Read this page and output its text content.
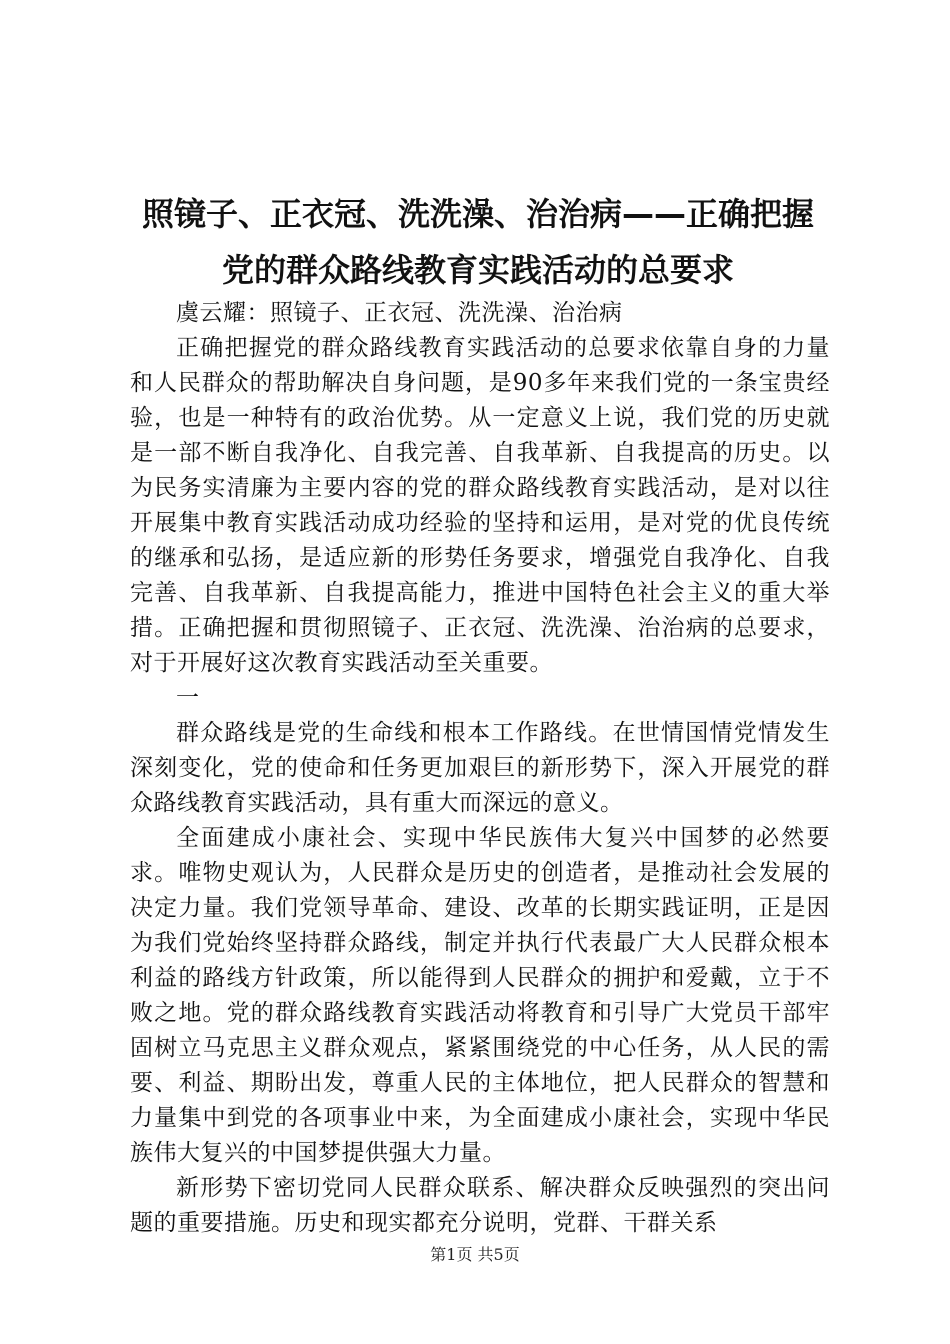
照镜子、正衣冠、洗洗澡、治治病——正确把握党的群众路线教育实践活动的总要求

虞云耀：照镜子、正衣冠、洗洗澡、治治病

正确把握党的群众路线教育实践活动的总要求依靠自身的力量和人民群众的帮助解决自身问题，是90多年来我们党的一条宝贵经验，也是一种特有的政治优势。从一定意义上说，我们党的历史就是一部不断自我净化、自我完善、自我革新、自我提高的历史。以为民务实清廉为主要内容的党的群众路线教育实践活动，是对以往开展集中教育实践活动成功经验的坚持和运用，是对党的优良传统的继承和弘扬，是适应新的形势任务要求，增强党自我净化、自我完善、自我革新、自我提高能力，推进中国特色社会主义的重大举措。正确把握和贯彻照镜子、正衣冠、洗洗澡、治治病的总要求，对于开展好这次教育实践活动至关重要。

一

群众路线是党的生命线和根本工作路线。在世情国情党情发生深刻变化，党的使命和任务更加艰巨的新形势下，深入开展党的群众路线教育实践活动，具有重大而深远的意义。

全面建成小康社会、实现中华民族伟大复兴中国梦的必然要求。唯物史观认为，人民群众是历史的创造者，是推动社会发展的决定力量。我们党领导革命、建设、改革的长期实践证明，正是因为我们党始终坚持群众路线，制定并执行代表最广大人民群众根本利益的路线方针政策，所以能得到人民群众的拥护和爱戴，立于不败之地。党的群众路线教育实践活动将教育和引导广大党员干部牢固树立马克思主义群众观点，紧紧围绕党的中心任务，从人民的需要、利益、期盼出发，尊重人民的主体地位，把人民群众的智慧和力量集中到党的各项事业中来，为全面建成小康社会，实现中华民族伟大复兴的中国梦提供强大力量。

新形势下密切党同人民群众联系、解决群众反映强烈的突出问题的重要措施。历史和现实都充分说明，党群、干群关系

第1页 共5页
